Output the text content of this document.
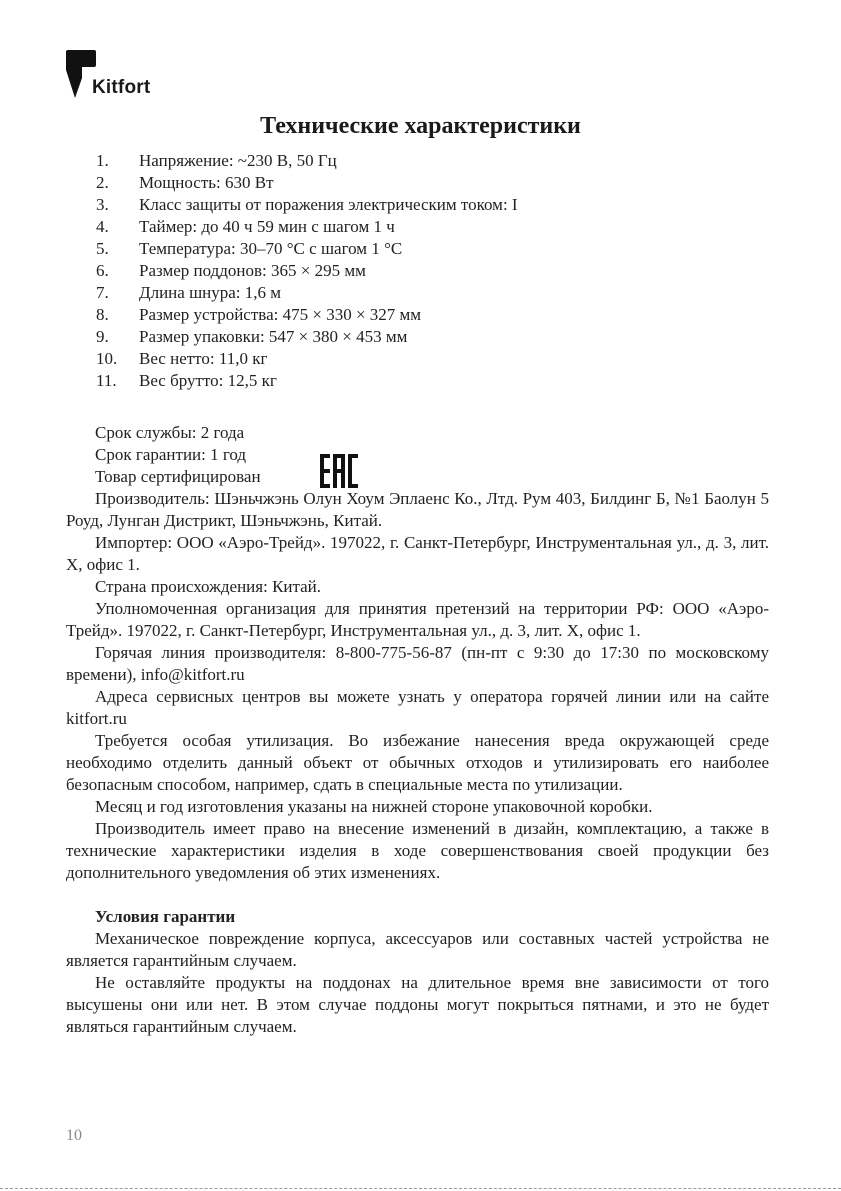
Kitfort
Технические характеристики
1.	Напряжение: ~230 В, 50 Гц
2.	Мощность: 630 Вт
3.	Класс защиты от поражения электрическим током: I
4.	Таймер: до 40 ч 59 мин с шагом 1 ч
5.	Температура: 30–70 °С с шагом 1 °С
6.	Размер поддонов: 365 × 295 мм
7.	Длина шнура: 1,6 м
8.	Размер устройства: 475 × 330 × 327 мм
9.	Размер упаковки: 547 × 380 × 453 мм
10.	Вес нетто: 11,0 кг
11.	Вес брутто: 12,5 кг
Срок службы: 2 года
Срок гарантии: 1 год
Товар сертифицирован

Производитель: Шэньчжэнь Олун Хоум Эплаенс Ко., Лтд. Рум 403, Билдинг Б, №1 Баолун 5 Роуд, Лунган Дистрикт, Шэньчжэнь, Китай.

Импортер: ООО «Аэро-Трейд». 197022, г. Санкт-Петербург, Инструментальная ул., д. 3, лит. Х, офис 1.

Страна происхождения: Китай.

Уполномоченная организация для принятия претензий на территории РФ: ООО «Аэро-Трейд». 197022, г. Санкт-Петербург, Инструментальная ул., д. 3, лит. Х, офис 1.

Горячая линия производителя: 8-800-775-56-87 (пн-пт с 9:30 до 17:30 по московскому времени), info@kitfort.ru

Адреса сервисных центров вы можете узнать у оператора горячей линии или на сайте kitfort.ru

Требуется особая утилизация. Во избежание нанесения вреда окружающей среде необходимо отделить данный объект от обычных отходов и утилизировать его наиболее безопасным способом, например, сдать в специальные места по утилизации.

Месяц и год изготовления указаны на нижней стороне упаковочной коробки.

Производитель имеет право на внесение изменений в дизайн, комплектацию, а также в технические характеристики изделия в ходе совершенствования своей продукции без дополнительного уведомления об этих изменениях.

Условия гарантии

Механическое повреждение корпуса, аксессуаров или составных частей устройства не является гарантийным случаем.

Не оставляйте продукты на поддонах на длительное время вне зависимости от того высушены они или нет. В этом случае поддоны могут покрыться пятнами, и это не будет являться гарантийным случаем.

10
